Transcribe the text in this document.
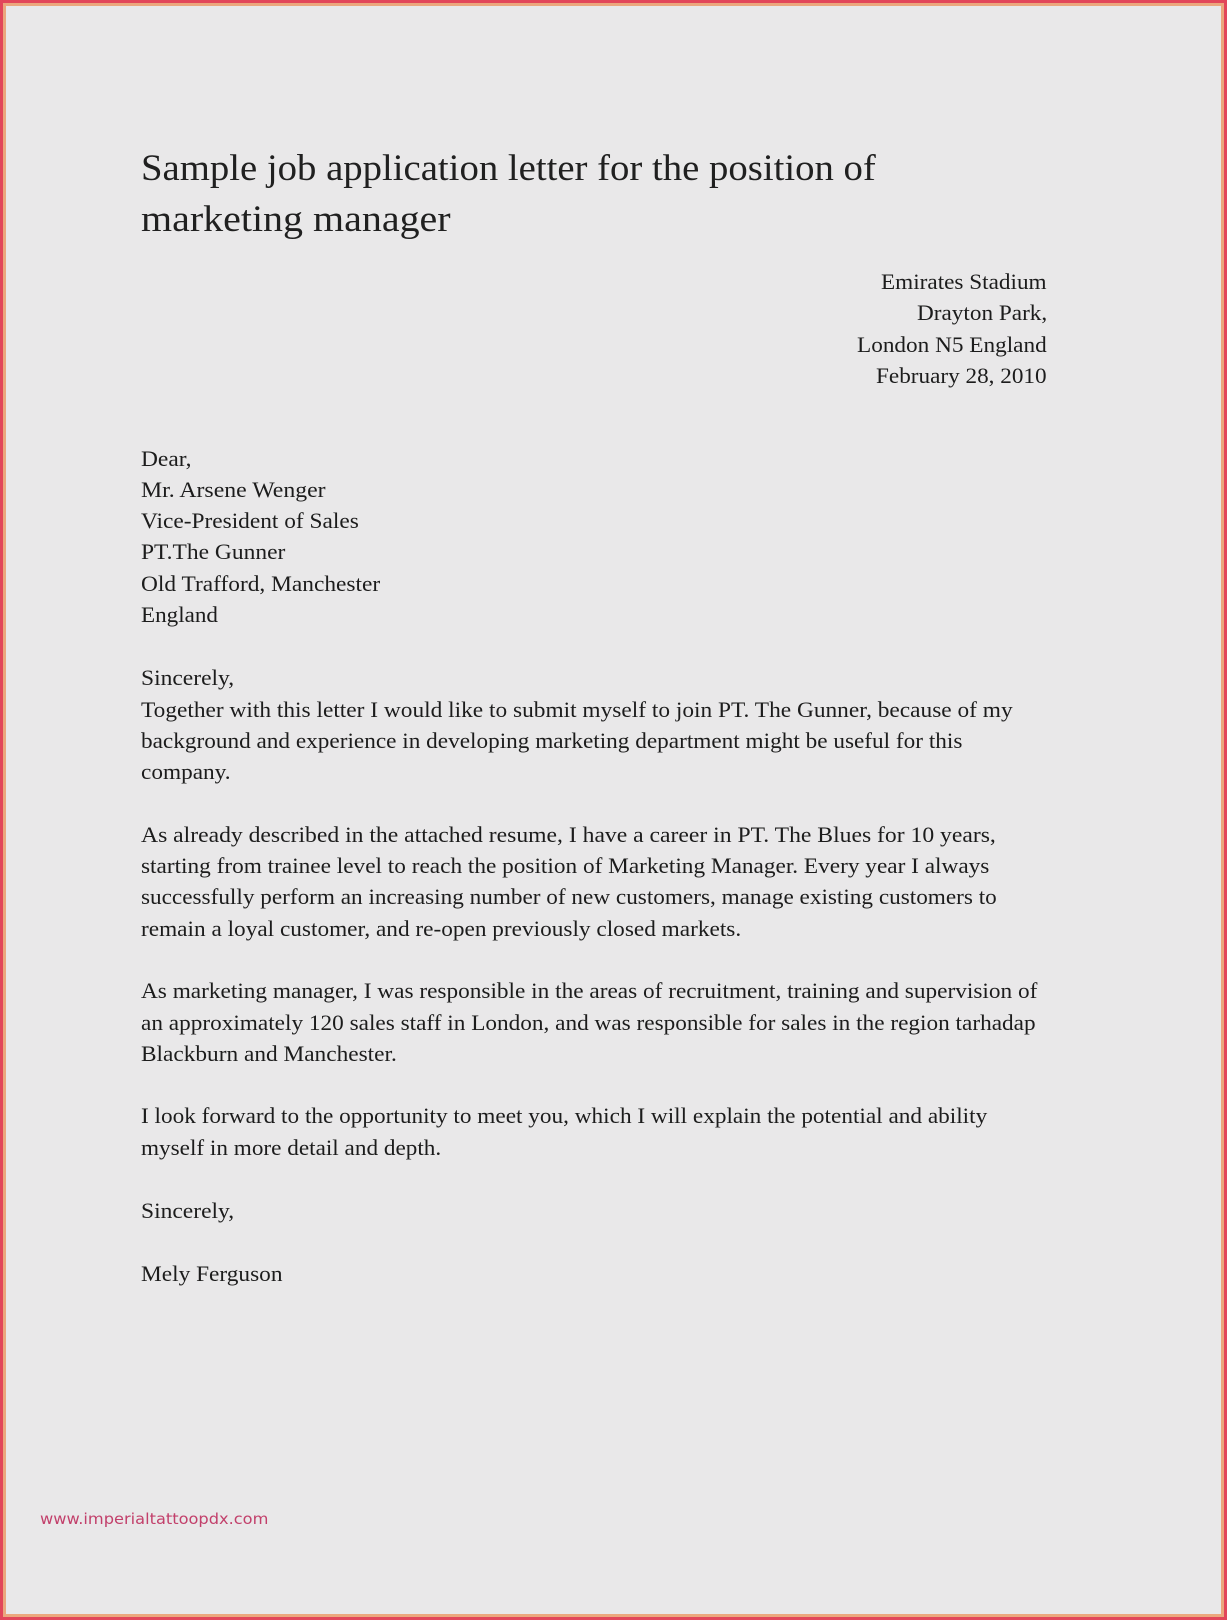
Sample job application letter for the position of
marketing manager
Emirates Stadium
Drayton Park,
London N5 England
February 28, 2010
Dear,
Mr. Arsene Wenger
Vice-President of Sales
PT.The Gunner
Old Trafford, Manchester
England
Sincerely,
Together with this letter I would like to submit myself to join PT. The Gunner, because of my
background and experience in developing marketing department might be useful for this
company.
As already described in the attached resume, I have a career in PT. The Blues for 10 years,
starting from trainee level to reach the position of Marketing Manager. Every year I always
successfully perform an increasing number of new customers, manage existing customers to
remain a loyal customer, and re-open previously closed markets.
As marketing manager, I was responsible in the areas of recruitment, training and supervision of
an approximately 120 sales staff in London, and was responsible for sales in the region tarhadap
Blackburn and Manchester.
I look forward to the opportunity to meet you, which I will explain the potential and ability
myself in more detail and depth.
Sincerely,
Mely Ferguson
www.imperialtattoopdx.com
